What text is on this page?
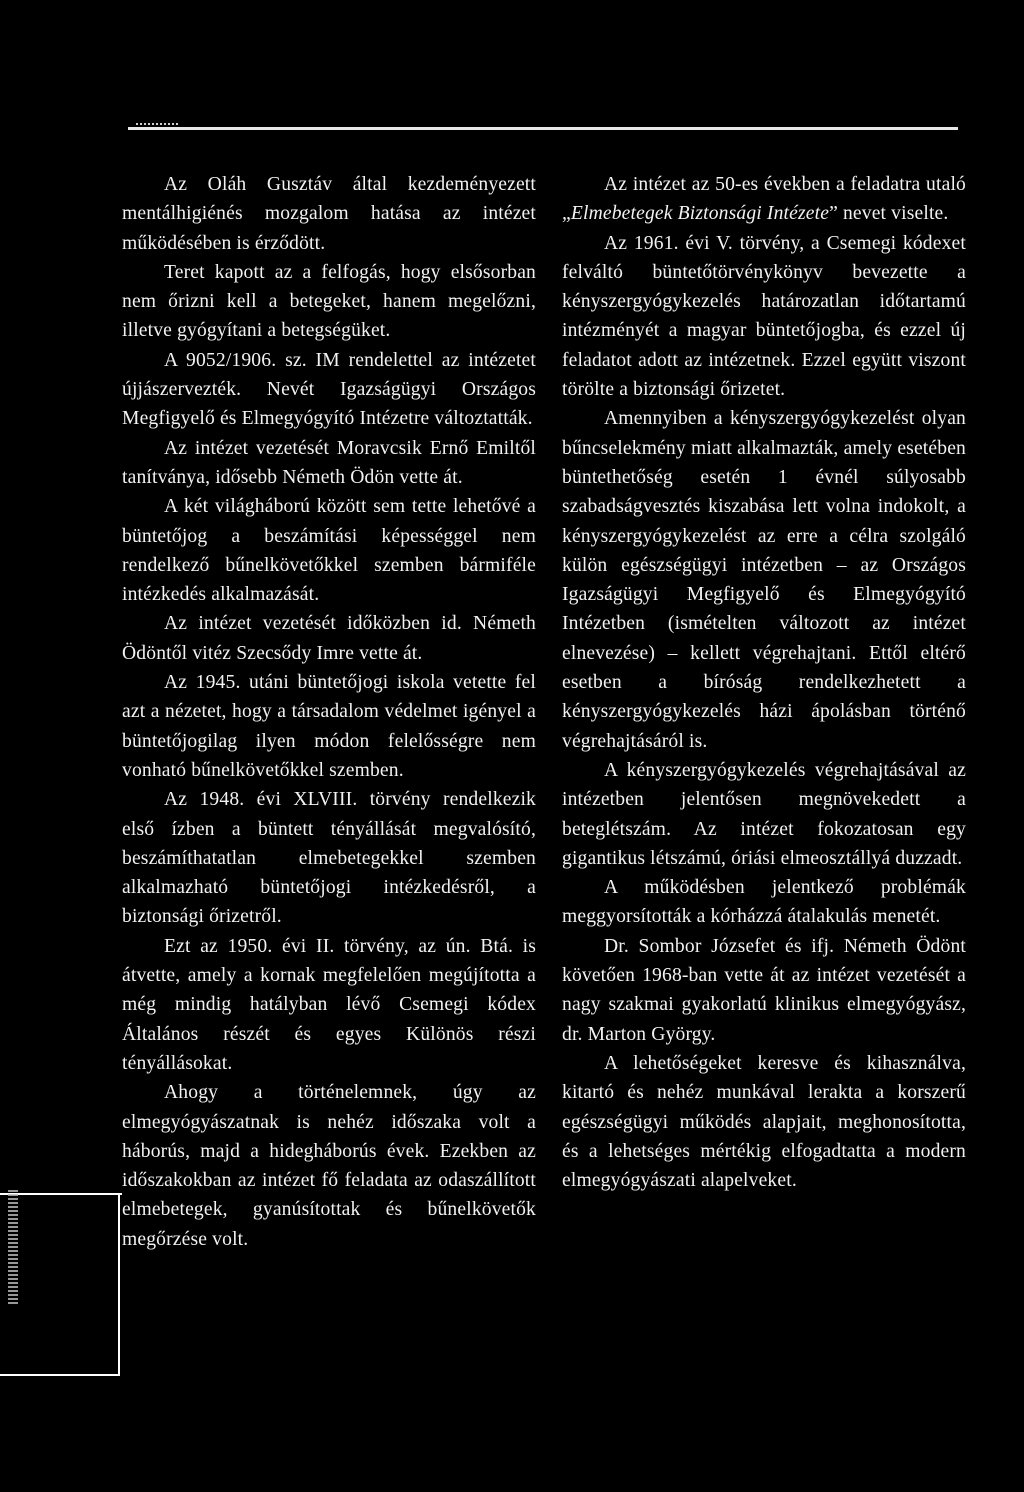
Az Oláh Gusztáv által kezdeményezett mentálhigiénés mozgalom hatása az intézet működésében is érződött.

Teret kapott az a felfogás, hogy elsősorban nem őrizni kell a betegeket, hanem megelőzni, illetve gyógyítani a betegségüket.

A 9052/1906. sz. IM rendelettel az intézetet újjászervezték. Nevét Igazságügyi Országos Megfigyelő és Elmegyógyító Intézetre változtatták.

Az intézet vezetését Moravcsik Ernő Emiltől tanítványa, idősebb Németh Ödön vette át.

A két világháború között sem tette lehetővé a büntetőjog a beszámítási képességgel nem rendelkező bűnelkövetőkkel szemben bármiféle intézkedés alkalmazását.

Az intézet vezetését időközben id. Németh Ödöntől vitéz Szecsődy Imre vette át.

Az 1945. utáni büntetőjogi iskola vetette fel azt a nézetet, hogy a társadalom védelmet igényel a büntetőjogilag ilyen módon felelősségre nem vonható bűnelkövetőkkel szemben.

Az 1948. évi XLVIII. törvény rendelkezik első ízben a büntett tényállását megvalósító, beszámíthatatlan elmebetegekkel szemben alkalmazható büntetőjogi intézkedésről, a biztonsági őrizetről.

Ezt az 1950. évi II. törvény, az ún. Btá. is átvette, amely a kornak megfelelően megújította a még mindig hatályban lévő Csemegi kódex Általános részét és egyes Különös részi tényállásokat.

Ahogy a történelemnek, úgy az elmegyógyászatnak is nehéz időszaka volt a háborús, majd a hidegháborús évek. Ezekben az időszakokban az intézet fő feladata az odaszállított elmebetegek, gyanúsítottak és bűnelkövetők megőrzése volt.

Az intézet az 50-es években a feladatra utaló „Elmebetegek Biztonsági Intézete” nevet viselte.

Az 1961. évi V. törvény, a Csemegi kódexet felváltó büntetőtörvénykönyv bevezette a kényszergyógykezelés határozatlan időtartamú intézményét a magyar büntetőjogba, és ezzel új feladatot adott az intézetnek. Ezzel együtt viszont törölte a biztonsági őrizetet.

Amennyiben a kényszergyógykezelést olyan bűncselekmény miatt alkalmazták, amely esetében büntethetőség esetén 1 évnél súlyosabb szabadságvesztés kiszabása lett volna indokolt, a kényszergyógykezelést az erre a célra szolgáló külön egészségügyi intézetben – az Országos Igazságügyi Megfigyelő és Elmegyógyító Intézetben (ismételten változott az intézet elnevezése) – kellett végrehajtani. Ettől eltérő esetben a bíróság rendelkezhetett a kényszergyógykezelés házi ápolásban történő végrehajtásáról is.

A kényszergyógykezelés végrehajtásával az intézetben jelentősen megnövekedett a beteglétszám. Az intézet fokozatosan egy gigantikus létszámú, óriási elmeosztállyá duzzadt.

A működésben jelentkező problémák meggyorsították a kórházzá átalakulás menetét.

Dr. Sombor Józsefet és ifj. Németh Ödönt követően 1968-ban vette át az intézet vezetését a nagy szakmai gyakorlatú klinikus elmegyógyász, dr. Marton György.

A lehetőségeket keresve és kihasználva, kitartó és nehéz munkával lerakta a korszerű egészségügyi működés alapjait, meghonosította, és a lehetséges mértékig elfogadtatta a modern elmegyógyászati alapelveket.
